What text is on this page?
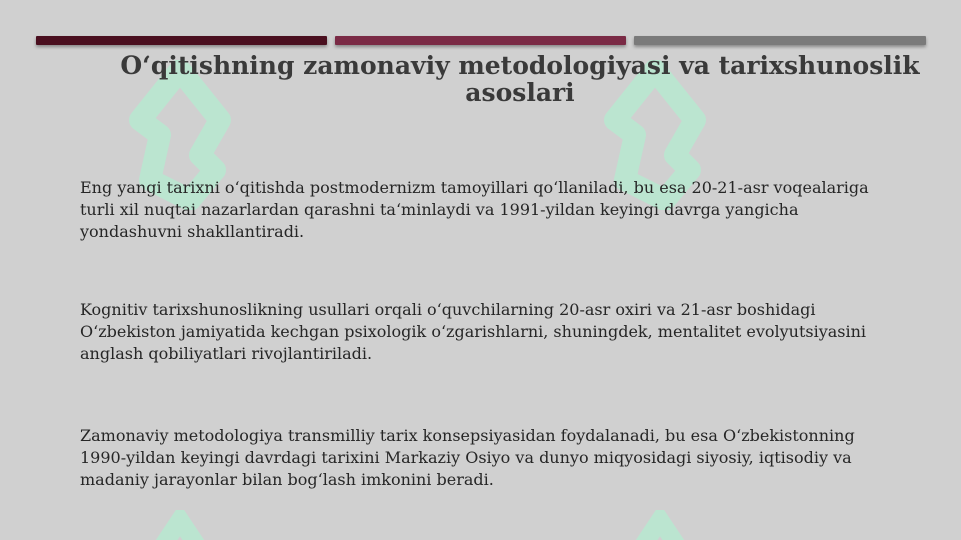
O‘qitishning zamonaviy metodologiyasi va tarixshunoslik asoslari

Eng yangi tarixni o‘qitishda postmodernizm tamoyillari qo‘llaniladi, bu esa 20-21-asr voqealariga turli xil nuqtai nazarlardan qarashni ta‘minlaydi va 1991-yildan keyingi davrga yangicha yondashuvni shakllantiradi.

Kognitiv tarixshunoslikning usullari orqali o‘quvchilarning 20-asr oxiri va 21-asr boshidagi O‘zbekiston jamiyatida kechgan psixologik o‘zgarishlarni, shuningdek, mentalitet evolyutsiyasini anglash qobiliyatlari rivojlantiriladi.

Zamonaviy metodologiya transmilliy tarix konsepsiyasidan foydalanadi, bu esa O‘zbekistonning 1990-yildan keyingi davrdagi tarixini Markaziy Osiyo va dunyo miqyosidagi siyosiy, iqtisodiy va madaniy jarayonlar bilan bog‘lash imkonini beradi.
